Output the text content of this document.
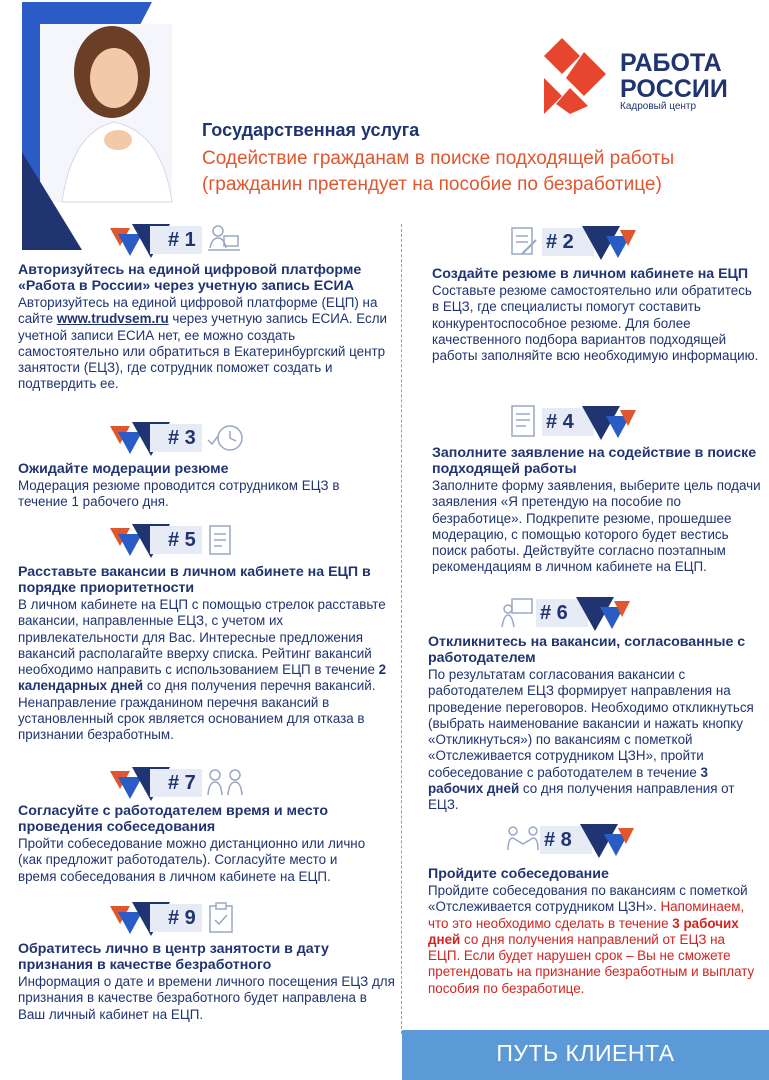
РАБОТА
РОССИИ
Кадровый центр
Государственная услуга
Содействие гражданам в поиске подходящей работы (гражданин претендует на пособие по безработице)
# 1

Авторизуйтесь на единой цифровой платформе «Работа в России» через учетную запись ЕСИА

Авторизуйтесь на единой цифровой платформе (ЕЦП) на сайте www.trudvsem.ru через учетную запись ЕСИА. Если учетной записи ЕСИА нет, ее можно создать самостоятельно или обратиться в Екатеринбургский центр занятости (ЕЦЗ), где сотрудник поможет создать и подтвердить ее.

# 2

Создайте резюме в личном кабинете на ЕЦП

Составьте резюме самостоятельно или обратитесь в ЕЦЗ, где специалисты помогут составить конкурентоспособное резюме. Для более качественного подбора вариантов подходящей работы заполняйте всю необходимую информацию.

# 3

Ожидайте модерации резюме

Модерация резюме проводится сотрудником ЕЦЗ в течение 1 рабочего дня.

# 4

Заполните заявление на содействие в поиске подходящей работы

Заполните форму заявления, выберите цель подачи заявления «Я претендую на пособие по безработице». Подкрепите резюме, прошедшее модерацию, с помощью которого будет вестись поиск работы. Действуйте согласно поэтапным рекомендациям в личном кабинете на ЕЦП.

# 5

Расставьте вакансии в личном кабинете на ЕЦП в порядке приоритетности

В личном кабинете на ЕЦП с помощью стрелок расставьте вакансии, направленные ЕЦЗ, с учетом их привлекательности для Вас. Интересные предложения вакансий располагайте вверху списка. Рейтинг вакансий необходимо направить с использованием ЕЦП в течение 2 календарных дней со дня получения перечня вакансий. Ненаправление гражданином перечня вакансий в установленный срок является основанием для отказа в признании безработным.

# 6

Откликнитесь на вакансии, согласованные с работодателем

По результатам согласования вакансии с работодателем ЕЦЗ формирует направления на проведение переговоров. Необходимо откликнуться (выбрать наименование вакансии и нажать кнопку «Откликнуться») по вакансиям с пометкой «Отслеживается сотрудником ЦЗН», пройти собеседование с работодателем в течение 3 рабочих дней со дня получения направления от ЕЦЗ.

# 7

Согласуйте с работодателем время и место проведения собеседования

Пройти собеседование можно дистанционно или лично (как предложит работодатель). Согласуйте место и время собеседования в личном кабинете на ЕЦП.

# 8

Пройдите собеседование

Пройдите собеседования по вакансиям с пометкой «Отслеживается сотрудником ЦЗН». Напоминаем, что это необходимо сделать в течение 3 рабочих дней со дня получения направлений от ЕЦЗ на ЕЦП. Если будет нарушен срок – Вы не сможете претендовать на признание безработным и выплату пособия по безработице.

# 9

Обратитесь лично в центр занятости в дату признания в качестве безработного

Информация о дате и времени личного посещения ЕЦЗ для признания в качестве безработного будет направлена в Ваш личный кабинет на ЕЦП.

ПУТЬ КЛИЕНТА
